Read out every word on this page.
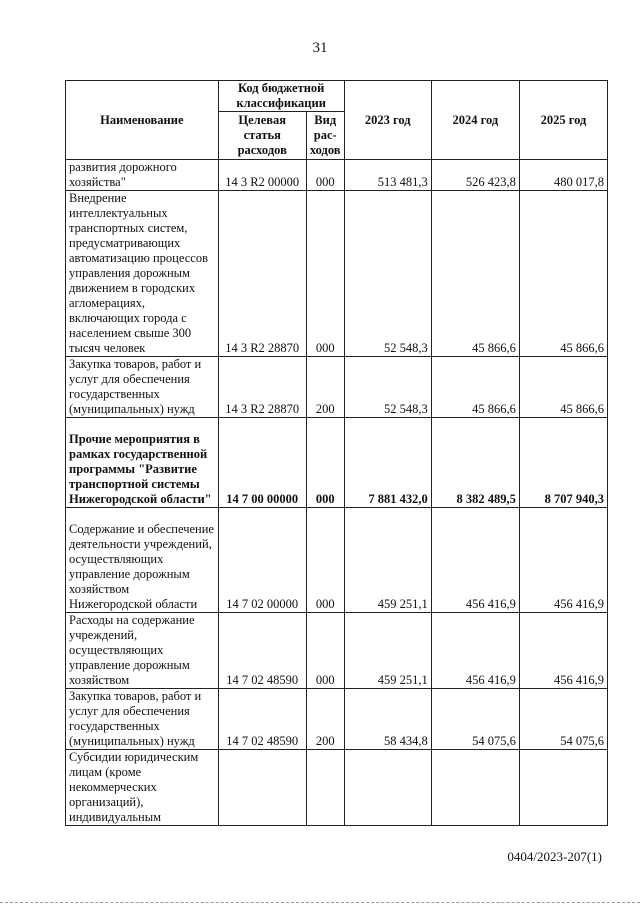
31
Наименование	Код бюджетной классификации		2023 год	2024 год	2025 год
	Целевая статья расходов	Вид рас-ходов			
развития дорожного хозяйства"	14 3 R2 00000	000	513 481,3	526 423,8	480 017,8
Внедрение интеллектуальных транспортных систем, предусматривающих автоматизацию процессов управления дорожным движением в городских агломерациях, включающих города с населением свыше 300 тысяч человек	14 3 R2 28870	000	52 548,3	45 866,6	45 866,6
Закупка товаров, работ и услуг для обеспечения государственных (муниципальных) нужд	14 3 R2 28870	200	52 548,3	45 866,6	45 866,6
Прочие мероприятия в рамках государственной программы "Развитие транспортной системы Нижегородской области"	14 7 00 00000	000	7 881 432,0	8 382 489,5	8 707 940,3
Содержание и обеспечение деятельности учреждений, осуществляющих управление дорожным хозяйством Нижегородской области	14 7 02 00000	000	459 251,1	456 416,9	456 416,9
Расходы на содержание учреждений, осуществляющих управление дорожным хозяйством	14 7 02 48590	000	459 251,1	456 416,9	456 416,9
Закупка товаров, работ и услуг для обеспечения государственных (муниципальных) нужд	14 7 02 48590	200	58 434,8	54 075,6	54 075,6
Субсидии юридическим лицам (кроме некоммерческих организаций), индивидуальным					
0404/2023-207(1)
